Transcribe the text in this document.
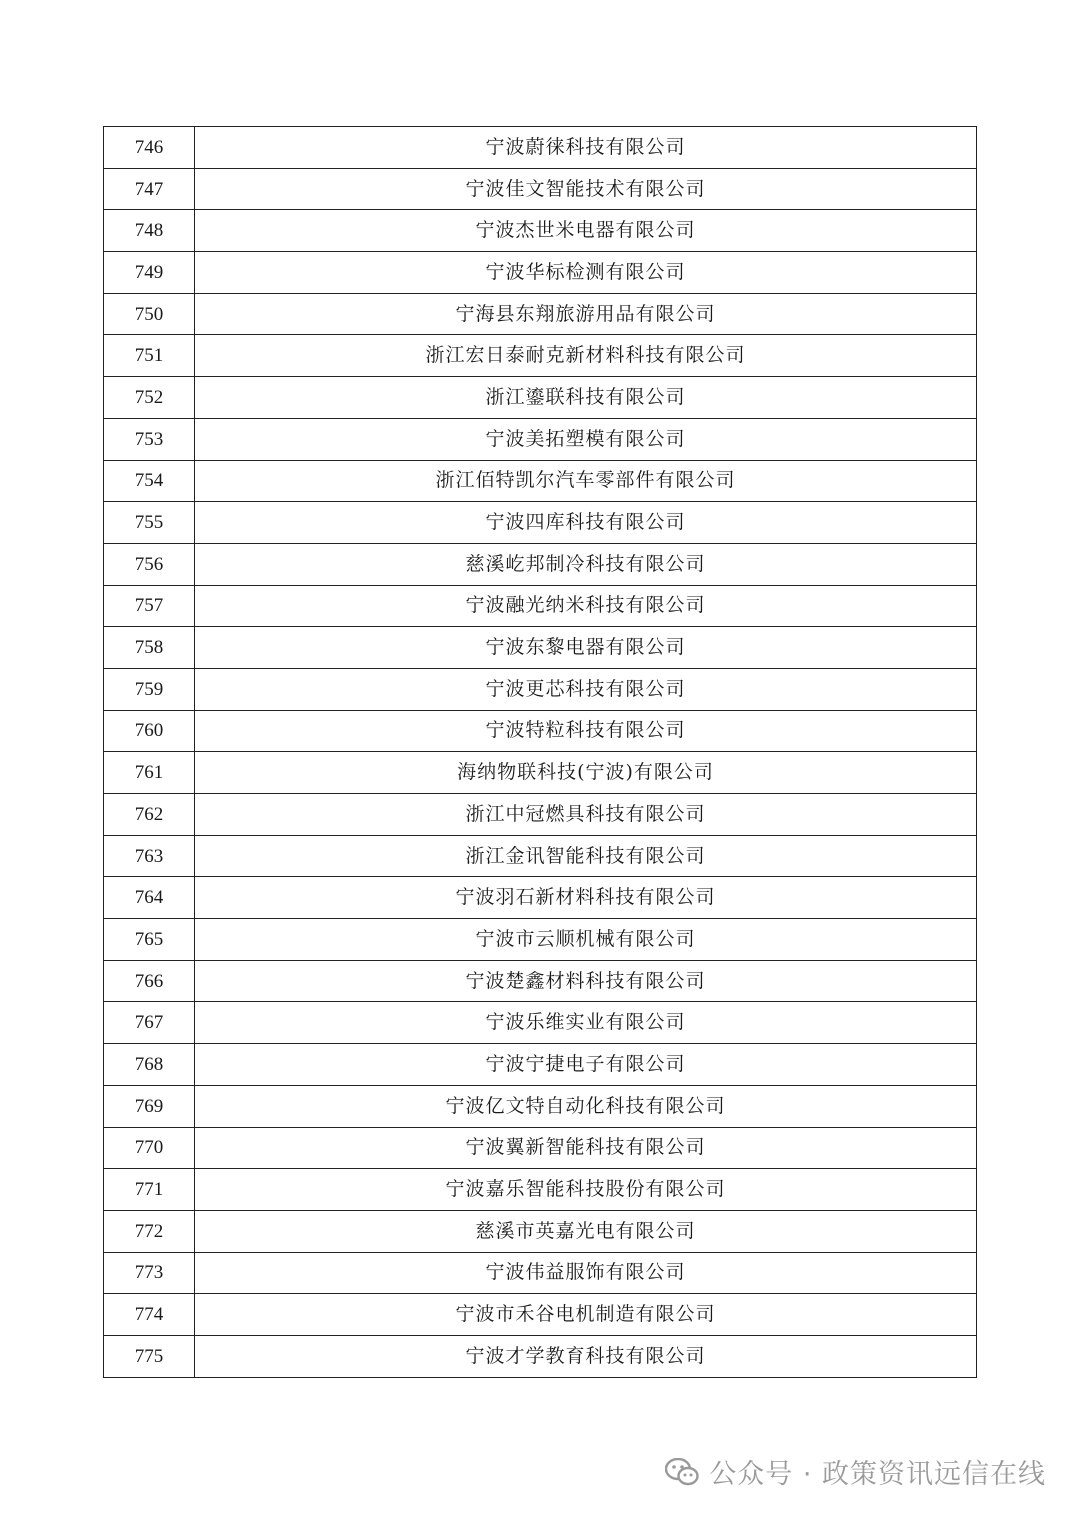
746	宁波蔚徕科技有限公司
747	宁波佳文智能技术有限公司
748	宁波杰世米电器有限公司
749	宁波华标检测有限公司
750	宁海县东翔旅游用品有限公司
751	浙江宏日泰耐克新材料科技有限公司
752	浙江鎏联科技有限公司
753	宁波美拓塑模有限公司
754	浙江佰特凯尔汽车零部件有限公司
755	宁波四库科技有限公司
756	慈溪屹邦制冷科技有限公司
757	宁波融光纳米科技有限公司
758	宁波东黎电器有限公司
759	宁波更芯科技有限公司
760	宁波特粒科技有限公司
761	海纳物联科技(宁波)有限公司
762	浙江中冠燃具科技有限公司
763	浙江金讯智能科技有限公司
764	宁波羽石新材料科技有限公司
765	宁波市云顺机械有限公司
766	宁波楚鑫材料科技有限公司
767	宁波乐维实业有限公司
768	宁波宁捷电子有限公司
769	宁波亿文特自动化科技有限公司
770	宁波翼新智能科技有限公司
771	宁波嘉乐智能科技股份有限公司
772	慈溪市英嘉光电有限公司
773	宁波伟益服饰有限公司
774	宁波市禾谷电机制造有限公司
775	宁波才学教育科技有限公司
公众号 · 政策资讯远信在线
